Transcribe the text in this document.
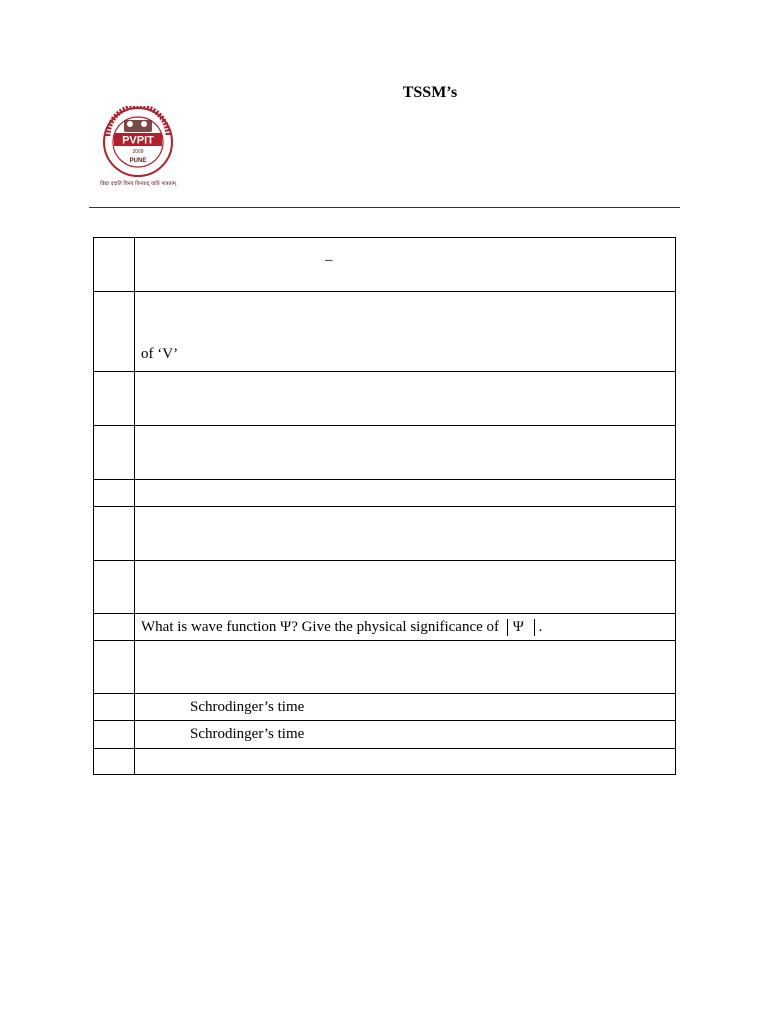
TSSM’s
PVPIT
2009
PUNE
विद्या ददाति विनयं विनयाद् याति पात्रताम्
	–
	of ‘V’

	What is wave function Ψ? Give the physical significance of Ψ .

	Schrodinger’s time
	Schrodinger’s time
